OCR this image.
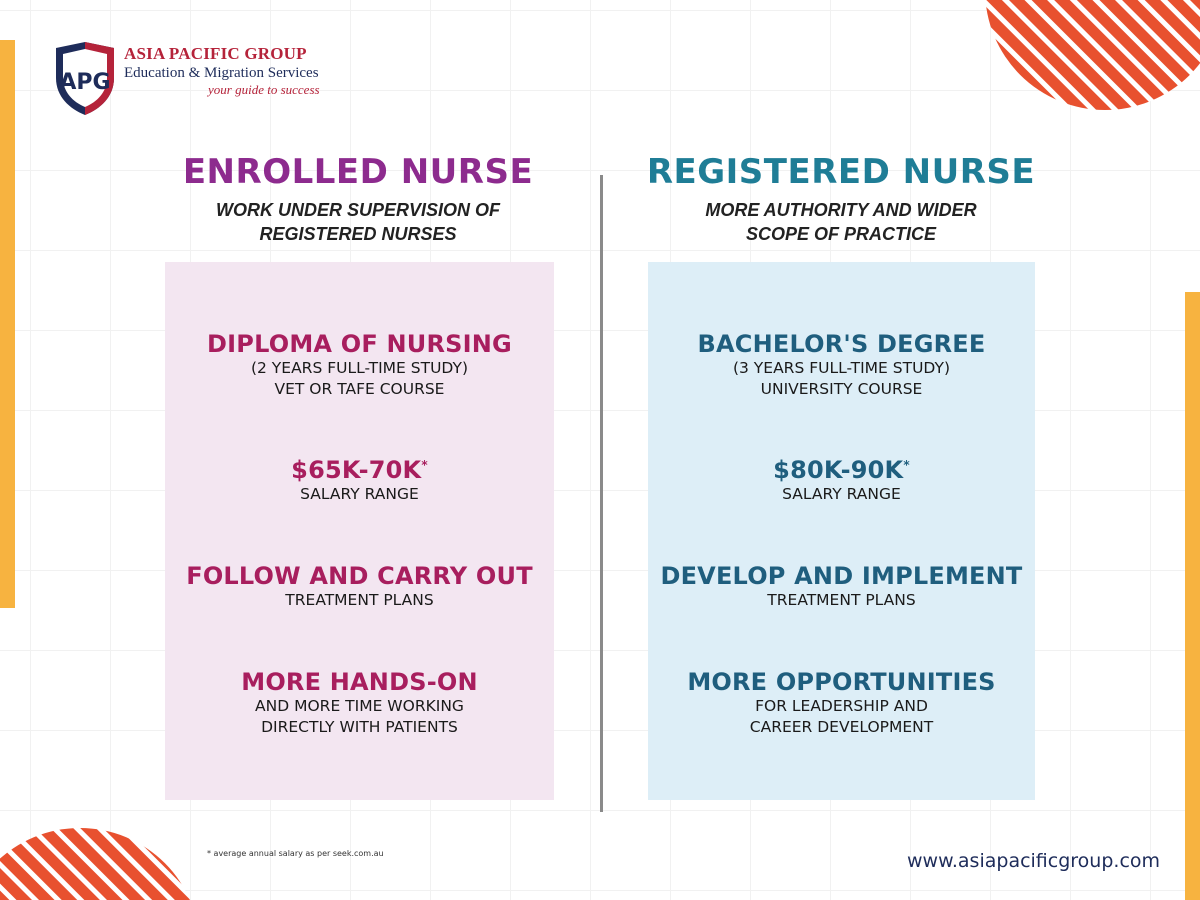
APG
ASIA PACIFIC GROUP
Education & Migration Services
your guide to success
ENROLLED NURSE
WORK UNDER SUPERVISION OF
REGISTERED NURSES
REGISTERED NURSE
MORE AUTHORITY AND WIDER
SCOPE OF PRACTICE
DIPLOMA OF NURSING
(2 YEARS FULL-TIME STUDY)
VET OR TAFE COURSE
$65K-70K*
SALARY RANGE
FOLLOW AND CARRY OUT
TREATMENT PLANS
MORE HANDS-ON
AND MORE TIME WORKING
DIRECTLY WITH PATIENTS
BACHELOR'S DEGREE
(3 YEARS FULL-TIME STUDY)
UNIVERSITY COURSE
$80K-90K*
SALARY RANGE
DEVELOP AND IMPLEMENT
TREATMENT PLANS
MORE OPPORTUNITIES
FOR LEADERSHIP AND
CAREER DEVELOPMENT
* average annual salary as per seek.com.au	www.asiapacificgroup.com
